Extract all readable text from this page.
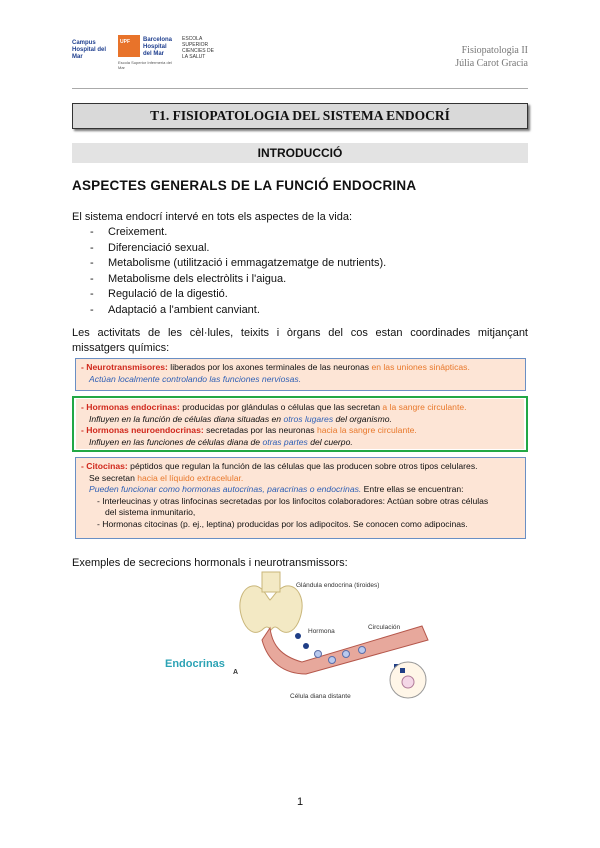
Campus Hospital del Mar
UPF	Barcelona
Hospital del Mar
ESCOLA SUPERIOR CIENCIES DE LA SALUT
Escola Superior Infermeria del Mar
Fisiopatologia II
Júlia Carot Gracia
T1. FISIOPATOLOGIA DEL SISTEMA ENDOCRÍ
INTRODUCCIÓ
ASPECTES GENERALS DE LA FUNCIÓ ENDOCRINA
El sistema endocrí intervé en tots els aspectes de la vida:
- Creixement.
- Diferenciació sexual.
- Metabolisme (utilització i emmagatzematge de nutrients).
- Metabolisme dels electròlits i l'aigua.
- Regulació de la digestió.
- Adaptació a l'ambient canviant.
Les activitats de les cèl·lules, teixits i òrgans del cos estan coordinades mitjançant missatgers químics:
- Neurotransmisores: liberados por los axones terminales de las neuronas en las uniones sinápticas.
Actúan localmente controlando las funciones nerviosas.
- Hormonas endocrinas: producidas por glándulas o células que las secretan a la sangre circulante.
Influyen en la función de células diana situadas en otros lugares del organismo.
- Hormonas neuroendocrinas: secretadas por las neuronas hacia la sangre circulante.
Influyen en las funciones de células diana de otras partes del cuerpo.
- Citocinas: péptidos que regulan la función de las células que las producen sobre otros tipos celulares.
Se secretan hacia el líquido extracelular.
Pueden funcionar como hormonas autocrinas, paracrinas o endocrinas. Entre ellas se encuentran:
- Interleucinas y otras linfocinas secretadas por los linfocitos colaboradores: Actúan sobre otras células
del sistema inmunitario,
- Hormonas citocinas (p. ej., leptina) producidas por los adipocitos. Se conocen como adipocinas.
Exemples de secrecions hormonals i neurotransmissors:
Endocrinas
Glándula endocrina (tiroides)
Circulación
Hormona
A
Célula diana distante
1
